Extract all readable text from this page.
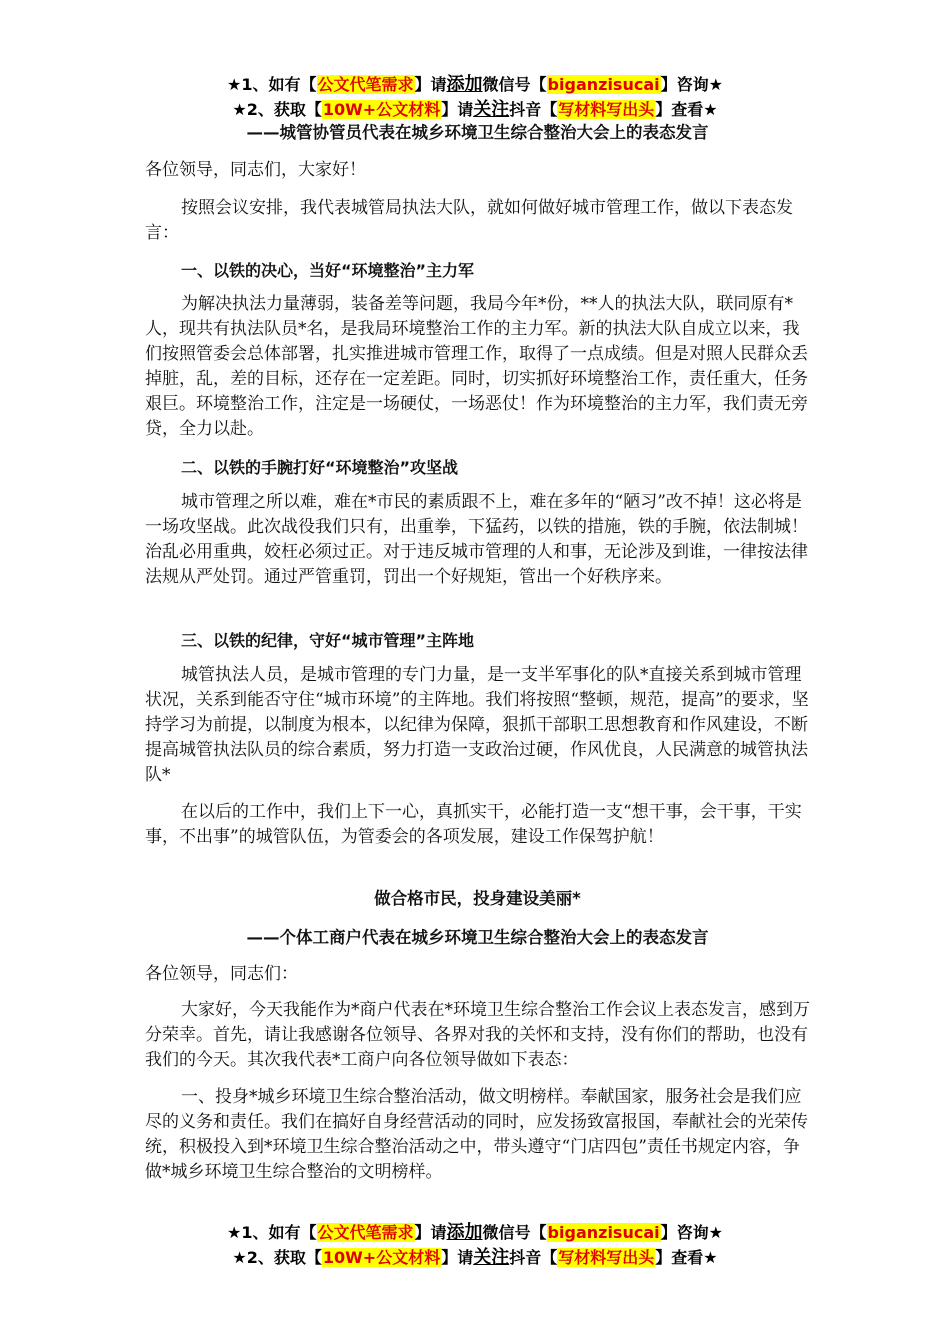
★1、如有【公文代笔需求】请添加微信号【biganzisucai】咨询★
★2、获取【10W+公文材料】请关注抖音【写材料写出头】查看★
——城管协管员代表在城乡环境卫生综合整治大会上的表态发言
各位领导，同志们，大家好！
按照会议安排，我代表城管局执法大队，就如何做好城市管理工作，做以下表态发言：
一、以铁的决心，当好“环境整治”主力军
为解决执法力量薄弱，装备差等问题，我局今年*份，**人的执法大队，联同原有*人，现共有执法队员*名，是我局环境整治工作的主力军。新的执法大队自成立以来，我们按照管委会总体部署，扎实推进城市管理工作，取得了一点成绩。但是对照人民群众丢掉脏，乱，差的目标，还存在一定差距。同时，切实抓好环境整治工作，责任重大，任务艰巨。环境整治工作，注定是一场硬仗，一场恶仗！作为环境整治的主力军，我们责无旁贷，全力以赴。
二、以铁的手腕打好“环境整治”攻坚战
城市管理之所以难，难在*市民的素质跟不上，难在多年的“陋习”改不掉！这必将是一场攻坚战。此次战役我们只有，出重拳，下猛药，以铁的措施，铁的手腕，依法制城！治乱必用重典，姣枉必须过正。对于违反城市管理的人和事，无论涉及到谁，一律按法律法规从严处罚。通过严管重罚，罚出一个好规矩，管出一个好秩序来。
三、以铁的纪律，守好“城市管理”主阵地
城管执法人员，是城市管理的专门力量，是一支半军事化的队*直接关系到城市管理状况，关系到能否守住“城市环境”的主阵地。我们将按照“整顿，规范，提高”的要求，坚持学习为前提，以制度为根本，以纪律为保障，狠抓干部职工思想教育和作风建设，不断提高城管执法队员的综合素质，努力打造一支政治过硬，作风优良，人民满意的城管执法队*
在以后的工作中，我们上下一心，真抓实干，必能打造一支“想干事，会干事，干实事，不出事”的城管队伍，为管委会的各项发展，建设工作保驾护航！
做合格市民，投身建设美丽*
——个体工商户代表在城乡环境卫生综合整治大会上的表态发言
各位领导，同志们：
大家好，今天我能作为*商户代表在*环境卫生综合整治工作会议上表态发言，感到万分荣幸。首先，请让我感谢各位领导、各界对我的关怀和支持，没有你们的帮助，也没有我们的今天。其次我代表*工商户向各位领导做如下表态：
一、投身*城乡环境卫生综合整治活动，做文明榜样。奉献国家，服务社会是我们应尽的义务和责任。我们在搞好自身经营活动的同时，应发扬致富报国，奉献社会的光荣传统，积极投入到*环境卫生综合整治活动之中，带头遵守“门店四包”责任书规定内容，争做*城乡环境卫生综合整治的文明榜样。
★1、如有【公文代笔需求】请添加微信号【biganzisucai】咨询★
★2、获取【10W+公文材料】请关注抖音【写材料写出头】查看★
